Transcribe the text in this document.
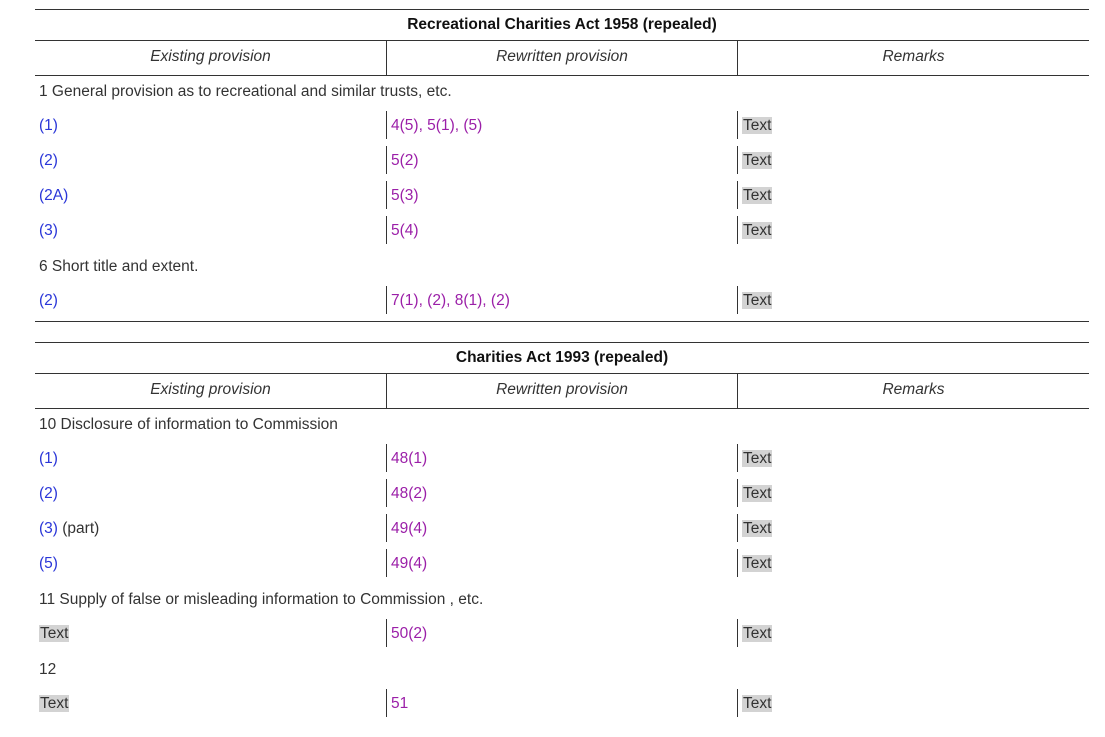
Recreational Charities Act 1958 (repealed)
Existing provision	Rewritten provision	Remarks
1 General provision as to recreational and similar trusts, etc.
(1)	4(5), 5(1), (5)	Text
(2)	5(2)	Text
(2A)	5(3)	Text
(3)	5(4)	Text
6 Short title and extent.
(2)	7(1), (2), 8(1), (2)	Text
Charities Act 1993 (repealed)
Existing provision	Rewritten provision	Remarks
10 Disclosure of information to Commission
(1)	48(1)	Text
(2)	48(2)	Text
(3) (part)	49(4)	Text
(5)	49(4)	Text
11 Supply of false or misleading information to Commission , etc.
Text	50(2)	Text
12
Text	51	Text
